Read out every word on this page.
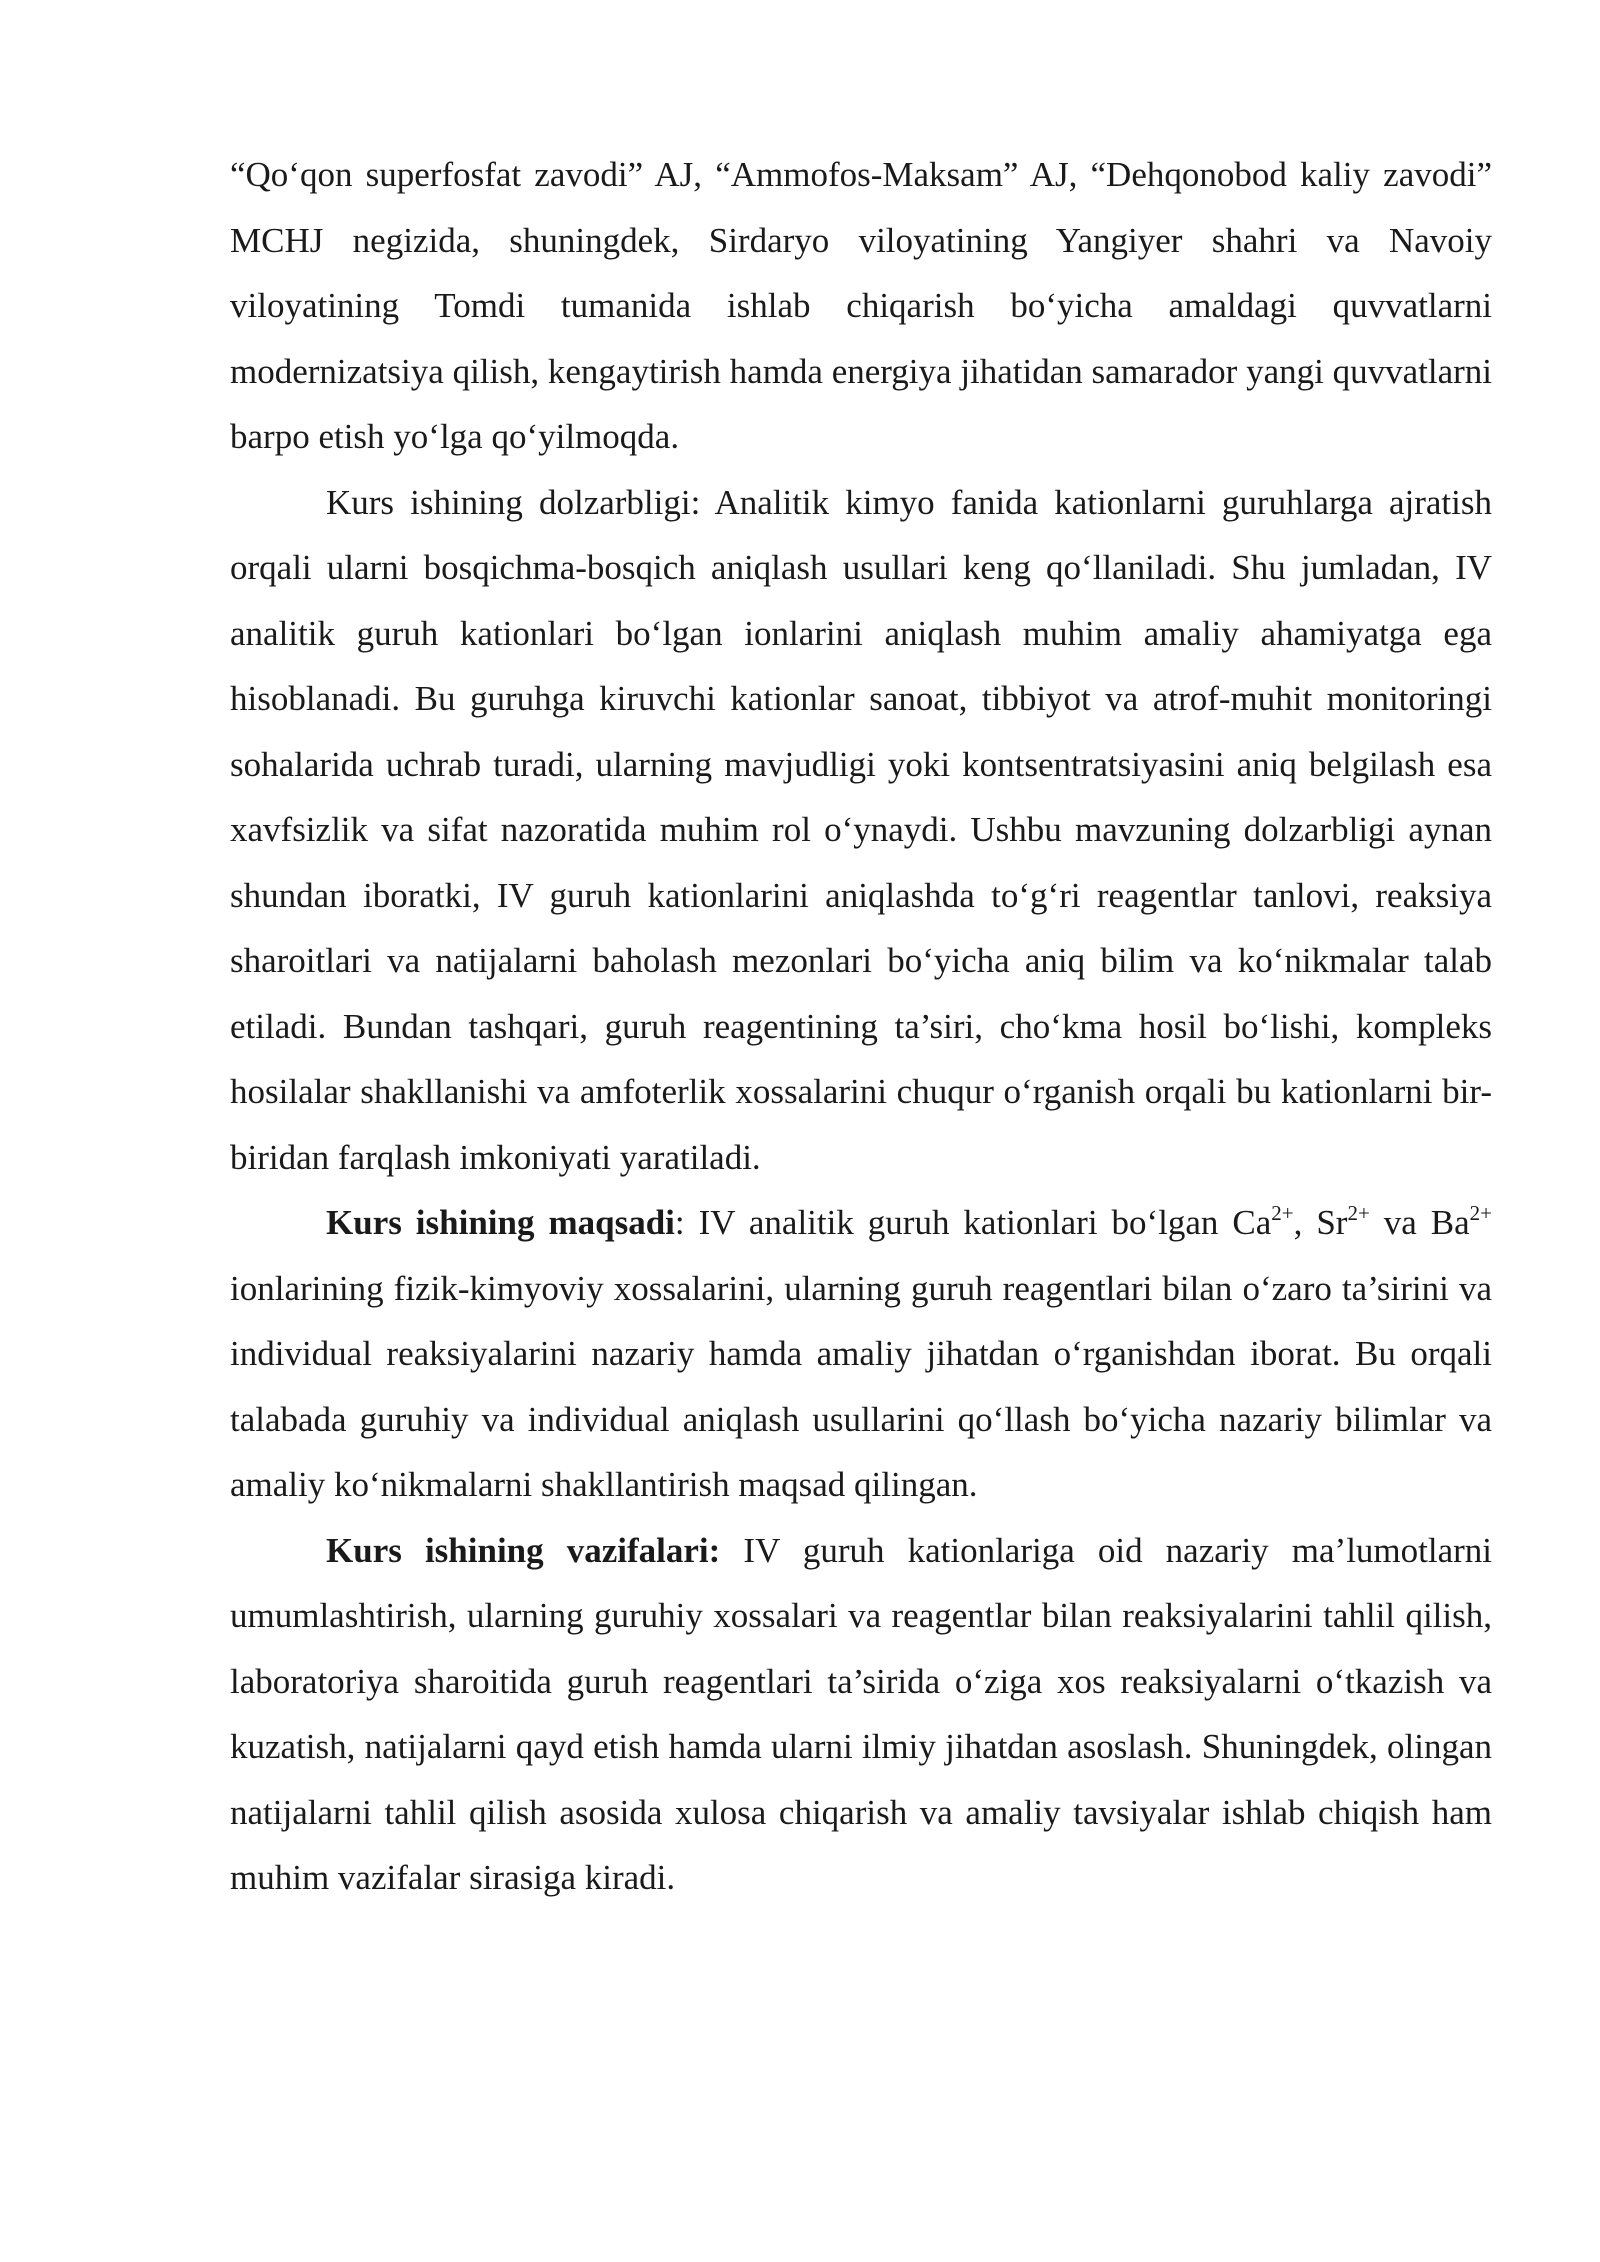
“Qo‘qon superfosfat zavodi” AJ, “Ammofos-Maksam” AJ, “Dehqonobod kaliy zavodi” MCHJ negizida, shuningdek, Sirdaryo viloyatining Yangiyer shahri va Navoiy viloyatining Tomdi tumanida ishlab chiqarish bo‘yicha amaldagi quvvatlarni modernizatsiya qilish, kengaytirish hamda energiya jihatidan samarador yangi quvvatlarni barpo etish yo‘lga qo‘yilmoqda.

Kurs ishining dolzarbligi: Analitik kimyo fanida kationlarni guruhlarga ajratish orqali ularni bosqichma-bosqich aniqlash usullari keng qo‘llaniladi. Shu jumladan, IV analitik guruh kationlari bo‘lgan ionlarini aniqlash muhim amaliy ahamiyatga ega hisoblanadi. Bu guruhga kiruvchi kationlar sanoat, tibbiyot va atrof-muhit monitoringi sohalarida uchrab turadi, ularning mavjudligi yoki kontsentratsiyasini aniq belgilash esa xavfsizlik va sifat nazoratida muhim rol o‘ynaydi. Ushbu mavzuning dolzarbligi aynan shundan iboratki, IV guruh kationlarini aniqlashda to‘g‘ri reagentlar tanlovi, reaksiya sharoitlari va natijalarni baholash mezonlari bo‘yicha aniq bilim va ko‘nikmalar talab etiladi. Bundan tashqari, guruh reagentining ta’siri, cho‘kma hosil bo‘lishi, kompleks hosilalar shakllanishi va amfoterlik xossalarini chuqur o‘rganish orqali bu kationlarni bir-biridan farqlash imkoniyati yaratiladi.

Kurs ishining maqsadi: IV analitik guruh kationlari bo‘lgan $Ca^{2+}$, $Sr^{2+}$ va $Ba^{2+}$ ionlarining fizik-kimyoviy xossalarini, ularning guruh reagentlari bilan o‘zaro ta’sirini va individual reaksiyalarini nazariy hamda amaliy jihatdan o‘rganishdan iborat. Bu orqali talabada guruhiy va individual aniqlash usullarini qo‘llash bo‘yicha nazariy bilimlar va amaliy ko‘nikmalarni shakllantirish maqsad qilingan.

Kurs ishining vazifalari: IV guruh kationlariga oid nazariy ma’lumotlarni umumlashtirish, ularning guruhiy xossalari va reagentlar bilan reaksiyalarini tahlil qilish, laboratoriya sharoitida guruh reagentlari ta’sirida o‘ziga xos reaksiyalarni o‘tkazish va kuzatish, natijalarni qayd etish hamda ularni ilmiy jihatdan asoslash. Shuningdek, olingan natijalarni tahlil qilish asosida xulosa chiqarish va amaliy tavsiyalar ishlab chiqish ham muhim vazifalar sirasiga kiradi.
